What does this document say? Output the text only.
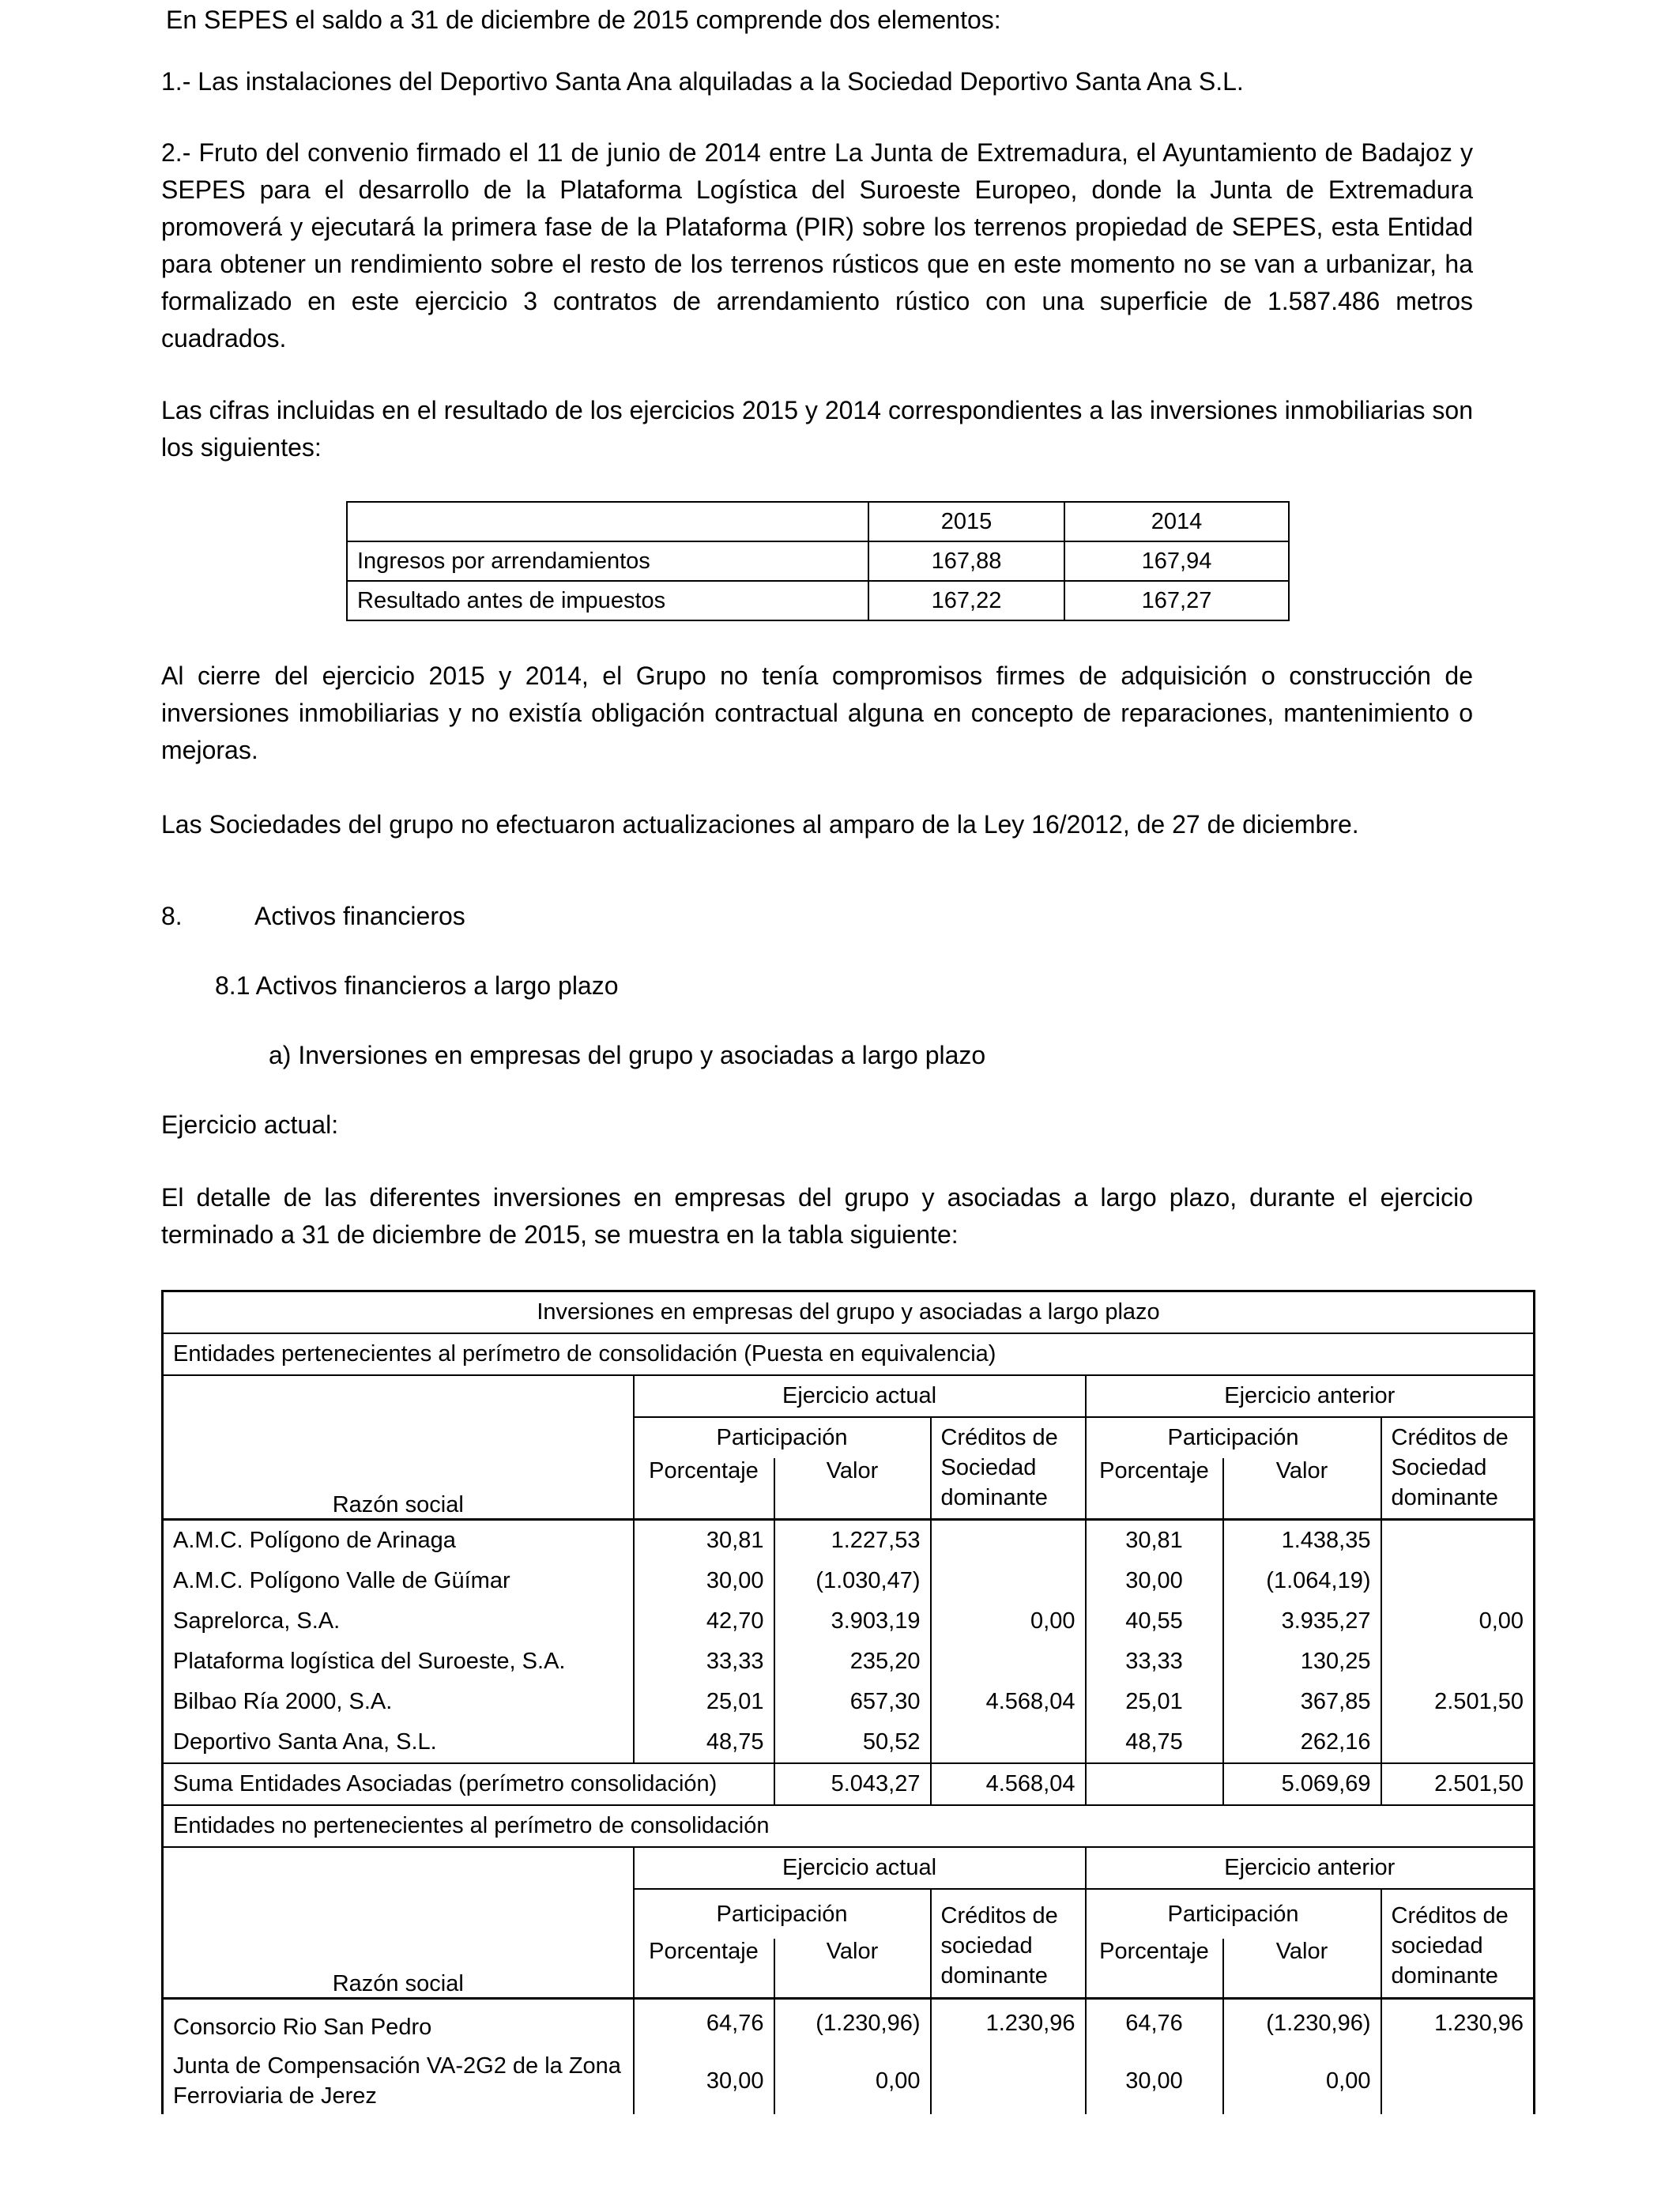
En SEPES el saldo a 31 de diciembre de 2015 comprende dos elementos:

1.- Las instalaciones del Deportivo Santa Ana alquiladas a la Sociedad Deportivo Santa Ana S.L.

2.- Fruto del convenio firmado el 11 de junio de 2014 entre La Junta de Extremadura, el Ayuntamiento de Badajoz y SEPES para el desarrollo de la Plataforma Logística del Suroeste Europeo, donde la Junta de Extremadura promoverá y ejecutará la primera fase de la Plataforma (PIR) sobre los terrenos propiedad de SEPES, esta Entidad para obtener un rendimiento sobre el resto de los terrenos rústicos que en este momento no se van a urbanizar, ha formalizado en este ejercicio 3 contratos de arrendamiento rústico con una superficie de 1.587.486 metros cuadrados.

Las cifras incluidas en el resultado de los ejercicios 2015 y 2014 correspondientes a las inversiones inmobiliarias son los siguientes:

	2015	2014
Ingresos por arrendamientos	167,88	167,94
Resultado antes de impuestos	167,22	167,27

Al cierre del ejercicio 2015 y 2014, el Grupo no tenía compromisos firmes de adquisición o construcción de inversiones inmobiliarias y no existía obligación contractual alguna en concepto de reparaciones, mantenimiento o mejoras.

Las Sociedades del grupo no efectuaron actualizaciones al amparo de la Ley 16/2012, de 27 de diciembre.

8.	Activos financieros
8.1 Activos financieros a largo plazo
a) Inversiones en empresas del grupo y asociadas a largo plazo
Ejercicio actual:

El detalle de las diferentes inversiones en empresas del grupo y asociadas a largo plazo, durante el ejercicio terminado a 31 de diciembre de 2015, se muestra en la tabla siguiente:

Inversiones en empresas del grupo y asociadas a largo plazo						
Entidades pertenecientes al perímetro de consolidación (Puesta en equivalencia)						
Razón social	Ejercicio actual			Ejercicio anterior		
	Participación		Créditos de Sociedad dominante	Participación		Créditos de Sociedad dominante
	Porcentaje	Valor		Porcentaje	Valor	
A.M.C. Polígono de Arinaga	30,81	1.227,53		30,81	1.438,35	
A.M.C. Polígono Valle de Güímar	30,00	(1.030,47)		30,00	(1.064,19)	
Saprelorca, S.A.	42,70	3.903,19	0,00	40,55	3.935,27	0,00
Plataforma logística del Suroeste, S.A.	33,33	235,20		33,33	130,25	
Bilbao Ría 2000, S.A.	25,01	657,30	4.568,04	25,01	367,85	2.501,50
Deportivo Santa Ana, S.L.	48,75	50,52		48,75	262,16	
Suma Entidades Asociadas (perímetro consolidación)		5.043,27	4.568,04		5.069,69	2.501,50
Entidades no pertenecientes al perímetro de consolidación						
Razón social	Ejercicio actual			Ejercicio anterior		
	Participación		Créditos de sociedad dominante	Participación		Créditos de sociedad dominante
	Porcentaje	Valor		Porcentaje	Valor	
Consorcio Rio San Pedro	64,76	(1.230,96)	1.230,96	64,76	(1.230,96)	1.230,96
Junta de Compensación VA-2G2 de la Zona Ferroviaria de Jerez	30,00	0,00		30,00	0,00	
